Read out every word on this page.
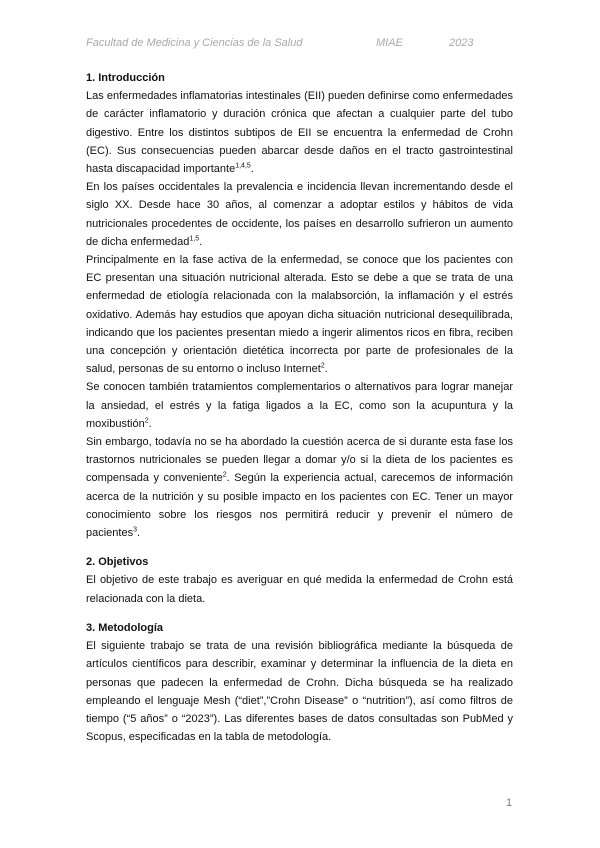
Facultad de Medicina y Ciencias de la Salud	MIAE	2023
1. Introducción

Las enfermedades inflamatorias intestinales (EII) pueden definirse como enfermedades de carácter inflamatorio y duración crónica que afectan a cualquier parte del tubo digestivo. Entre los distintos subtipos de EII se encuentra la enfermedad de Crohn (EC). Sus consecuencias pueden abarcar desde daños en el tracto gastrointestinal hasta discapacidad importante$^{1,4,5}$.

En los países occidentales la prevalencia e incidencia llevan incrementando desde el siglo XX. Desde hace 30 años, al comenzar a adoptar estilos y hábitos de vida nutricionales procedentes de occidente, los países en desarrollo sufrieron un aumento de dicha enfermedad$^{1,5}$.

Principalmente en la fase activa de la enfermedad, se conoce que los pacientes con EC presentan una situación nutricional alterada. Esto se debe a que se trata de una enfermedad de etiología relacionada con la malabsorción, la inflamación y el estrés oxidativo. Además hay estudios que apoyan dicha situación nutricional desequilibrada, indicando que los pacientes presentan miedo a ingerir alimentos ricos en fibra, reciben una concepción y orientación dietética incorrecta por parte de profesionales de la salud, personas de su entorno o incluso Internet$^2$.

Se conocen también tratamientos complementarios o alternativos para lograr manejar la ansiedad, el estrés y la fatiga ligados a la EC, como son la acupuntura y la moxibustión$^2$.

Sin embargo, todavía no se ha abordado la cuestión acerca de si durante esta fase los trastornos nutricionales se pueden llegar a domar y/o si la dieta de los pacientes es compensada y conveniente$^2$. Según la experiencia actual, carecemos de información acerca de la nutrición y su posible impacto en los pacientes con EC. Tener un mayor conocimiento sobre los riesgos nos permitirá reducir y prevenir el número de pacientes$^3$.

2. Objetivos

El objetivo de este trabajo es averiguar en qué medida la enfermedad de Crohn está relacionada con la dieta.

3. Metodología

El siguiente trabajo se trata de una revisión bibliográfica mediante la búsqueda de artículos científicos para describir, examinar y determinar la influencia de la dieta en personas que padecen la enfermedad de Crohn. Dicha búsqueda se ha realizado empleando el lenguaje Mesh (“diet”,”Crohn Disease” o “nutrition”), así como filtros de tiempo (“5 años” o “2023”). Las diferentes bases de datos consultadas son PubMed y Scopus, especificadas en la tabla de metodología.

1
